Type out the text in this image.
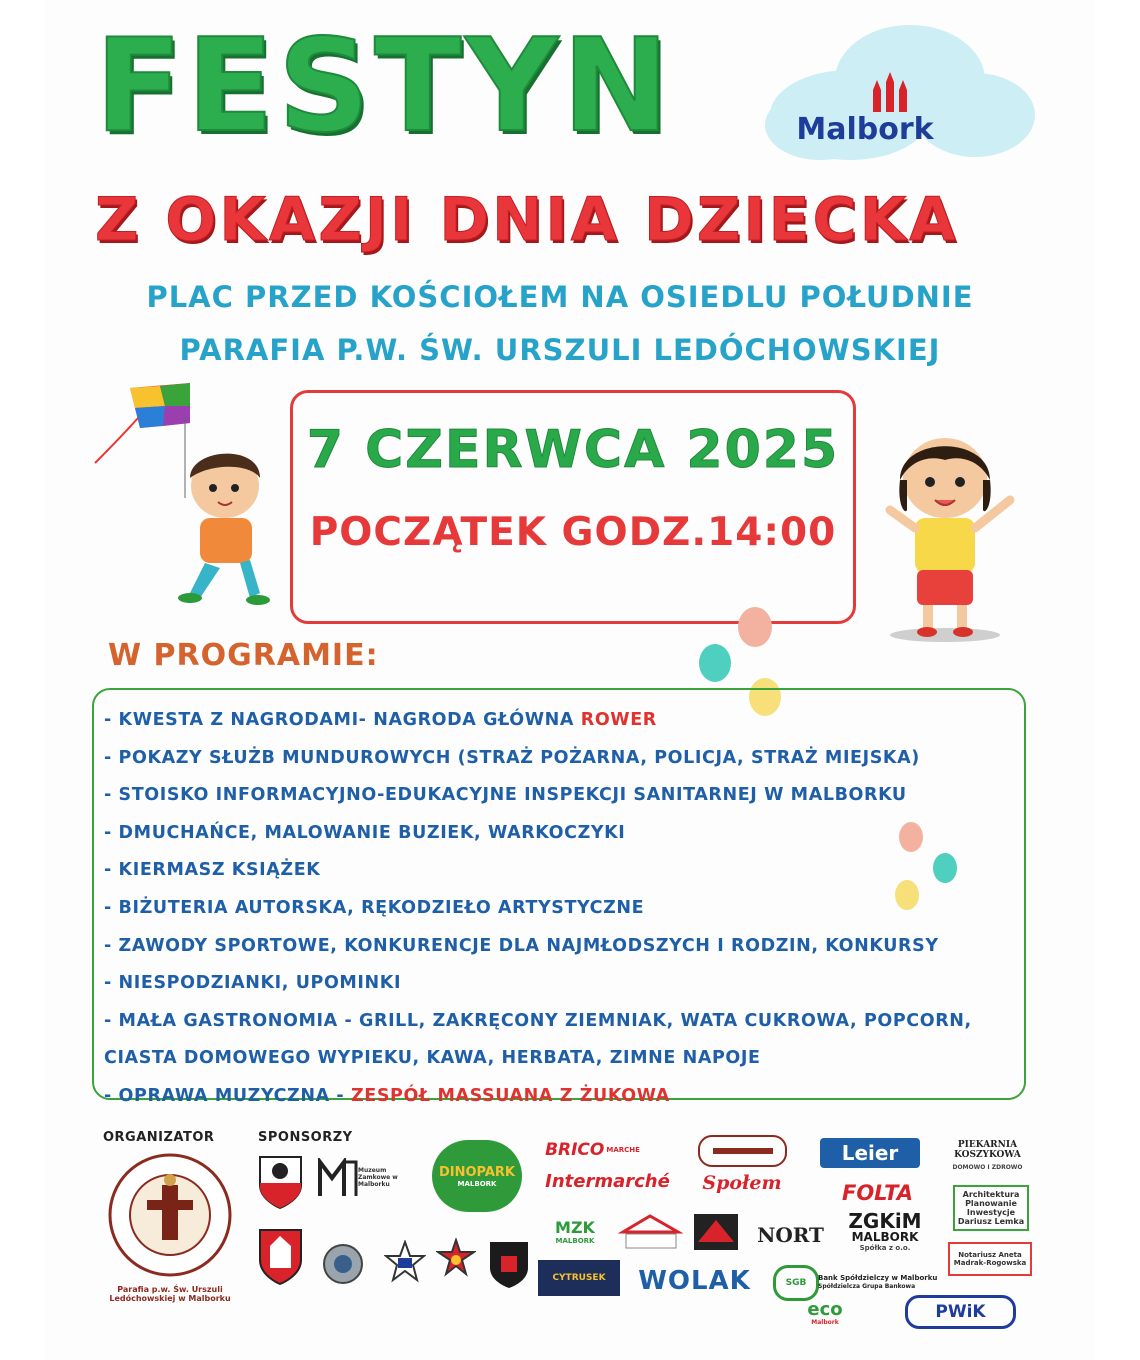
Malbork
FESTYN
Z OKAZJI DNIA DZIECKA
PLAC PRZED KOŚCIOŁEM NA OSIEDLU POŁUDNIE
PARAFIA P.W. ŚW. URSZULI LEDÓCHOWSKIEJ
7 CZERWCA 2025
POCZĄTEK GODZ.14:00
W PROGRAMIE:
- KWESTA Z NAGRODAMI- NAGRODA GŁÓWNA ROWER
- POKAZY SŁUŻB MUNDUROWYCH (STRAŻ POŻARNA, POLICJA, STRAŻ MIEJSKA)
- STOISKO INFORMACYJNO-EDUKACYJNE INSPEKCJI SANITARNEJ W MALBORKU
- DMUCHAŃCE, MALOWANIE BUZIEK, WARKOCZYKI
- KIERMASZ KSIĄŻEK
- BIŻUTERIA AUTORSKA, RĘKODZIEŁO ARTYSTYCZNE
- ZAWODY SPORTOWE, KONKURENCJE DLA NAJMŁODSZYCH I RODZIN, KONKURSY
- NIESPODZIANKI, UPOMINKI
- MAŁA GASTRONOMIA - GRILL, ZAKRĘCONY ZIEMNIAK, WATA CUKROWA, POPCORN, CIASTA DOMOWEGO WYPIEKU, KAWA, HERBATA, ZIMNE NAPOJE
- OPRAWA MUZYCZNA - ZESPÓŁ MASSUANA Z ŻUKOWA
ORGANIZATOR	SPONSORZY
Parafia p.w. Św. Urszuli Ledóchowskiej w Malborku
Muzeum Zamkowe w Malborku
DINOPARK
MALBORK
BRICO MARCHE
Intermarché Społem
Leier
FOLTA
PIEKARNIA KOSZYKOWA
DOMOWO I ZDROWO
Architektura Planowanie Inwestycje Dariusz Lemka
MZK
MALBORK	NORT
ZGKiM
MALBORK
Spółka z o.o.
Notariusz Aneta Madrak-Rogowska
CYTRUSEK WOLAK	SGB
Bank Spółdzielczy w Malborku
Spółdzielcza Grupa Bankowa
eco
Malbork	PWiK
